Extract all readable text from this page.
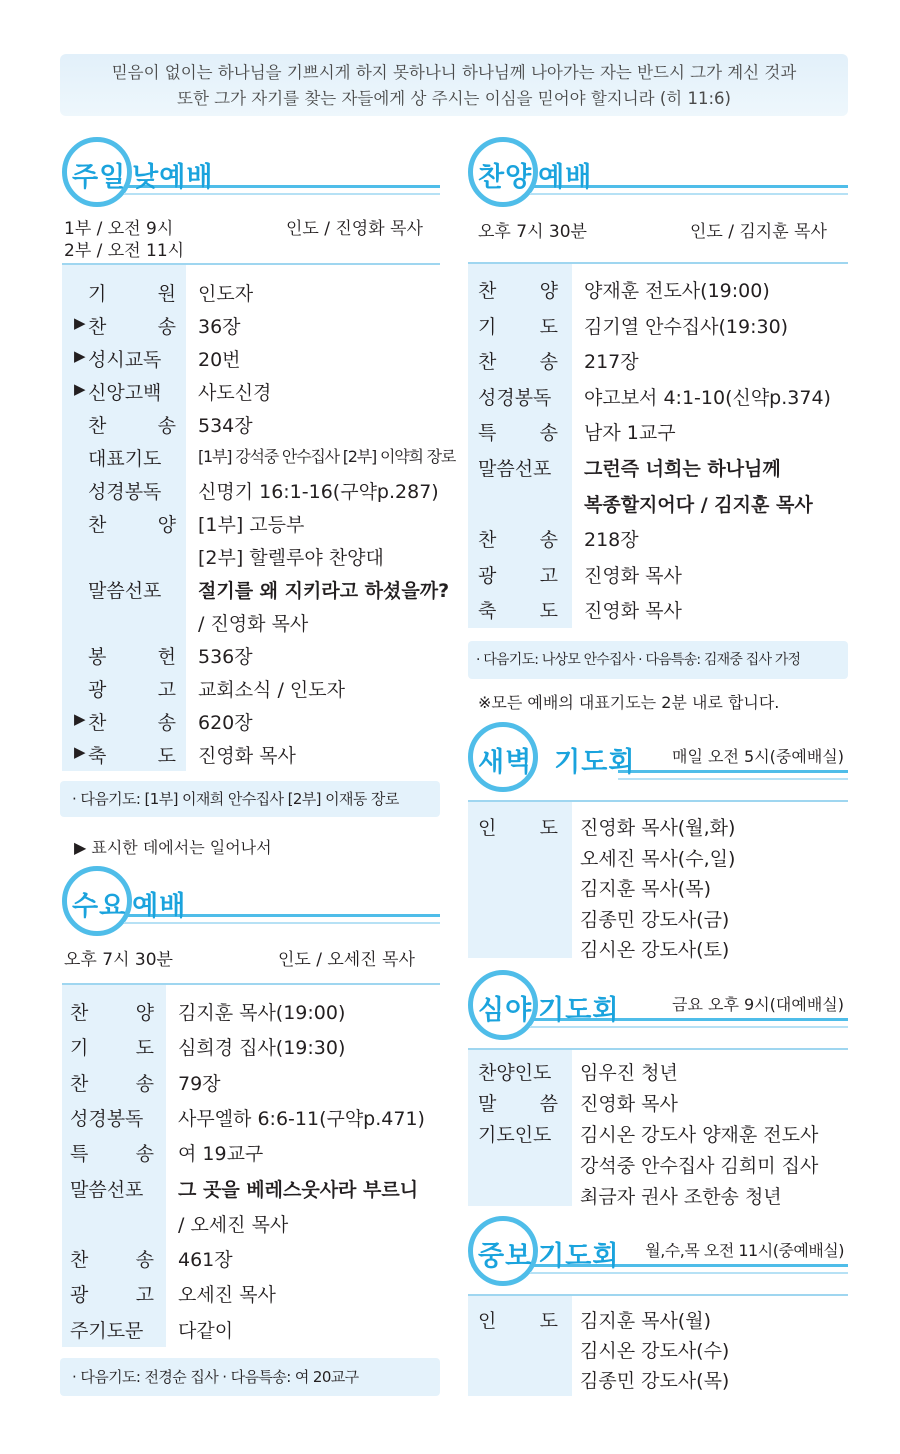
믿음이 없이는 하나님을 기쁘시게 하지 못하나니 하나님께 나아가는 자는 반드시 그가 계신 것과
또한 그가 자기를 찾는 자들에게 상 주시는 이심을 믿어야 할지니라 (히 11:6)
주일 낮예배
1부 / 오전 9시
2부 / 오전 11시
인도 / 진영화 목사
기 원 인도자
▶ 찬 송 36장
▶ 성시교독	20번
▶ 신앙고백	사도신경
찬 송 534장
대표기도	[1부] 강석중 안수집사 [2부] 이약희 장로
성경봉독	신명기 16:1-16(구약p.287)
찬 양 [1부] 고등부
[2부] 할렐루야 찬양대
말씀선포	절기를 왜 지키라고 하셨을까?
/ 진영화 목사
봉 헌 536장
광 고 교회소식 / 인도자
▶ 찬 송 620장
▶ 축 도 진영화 목사
· 다음기도: [1부] 이재희 안수집사 [2부] 이재동 장로
▶ 표시한 데에서는 일어나서
수요 예배
오후 7시 30분	인도 / 오세진 목사
찬 양 김지훈 목사(19:00)
기 도 심희경 집사(19:30)
찬 송 79장
성경봉독	사무엘하 6:6-11(구약p.471)
특 송 여 19교구
말씀선포	그 곳을 베레스웃사라 부르니
/ 오세진 목사
찬 송 461장
광 고 오세진 목사
주기도문	다같이
· 다음기도: 전경순 집사 · 다음특송: 여 20교구
찬양 예배
오후 7시 30분	인도 / 김지훈 목사
찬 양 양재훈 전도사(19:00)
기 도 김기열 안수집사(19:30)
찬 송 217장
성경봉독	야고보서 4:1-10(신약p.374)
특 송 남자 1교구
말씀선포	그런즉 너희는 하나님께
복종할지어다 / 김지훈 목사
찬 송 218장
광 고 진영화 목사
축 도 진영화 목사
· 다음기도: 나상모 안수집사 · 다음특송: 김재중 집사 가정
※모든 예배의 대표기도는 2분 내로 합니다.
새벽 기도회 매일 오전 5시(중예배실)
인 도 진영화 목사(월,화)
오세진 목사(수,일)
김지훈 목사(목)
김종민 강도사(금)
김시온 강도사(토)
심야 기도회	금요 오후 9시(대예배실)
찬양인도	임우진 청년
말 씀 진영화 목사
기도인도	김시온 강도사 양재훈 전도사
강석중 안수집사 김희미 집사
최금자 권사 조한송 청년
중보 기도회 월,수,목 오전 11시(중예배실)
인 도 김지훈 목사(월)
김시온 강도사(수)
김종민 강도사(목)
